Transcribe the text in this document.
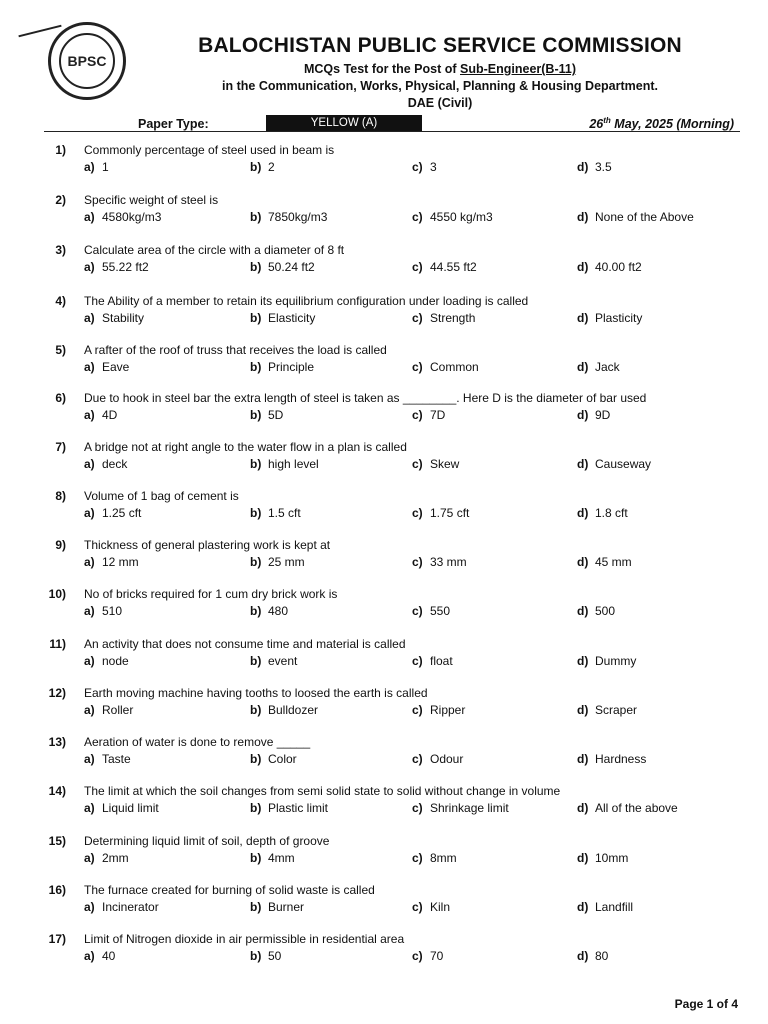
BPSC
BALOCHISTAN PUBLIC SERVICE COMMISSION
MCQs Test for the Post of Sub-Engineer(B-11)
in the Communication, Works, Physical, Planning & Housing Department.
DAE (Civil)
Paper Type:	YELLOW (A)	26th May, 2025 (Morning)
1) Commonly percentage of steel used in beam is
a) 1	b) 2	c) 3	d) 3.5
2) Specific weight of steel is
a) 4580kg/m3	b) 7850kg/m3	c) 4550 kg/m3	d) None of the Above
3) Calculate area of the circle with a diameter of 8 ft
a) 55.22 ft2	b) 50.24 ft2	c) 44.55 ft2	d) 40.00 ft2
4) The Ability of a member to retain its equilibrium configuration under loading is called
a) Stability	b) Elasticity	c) Strength	d) Plasticity
5) A rafter of the roof of truss that receives the load is called
a) Eave	b) Principle	c) Common	d) Jack
6) Due to hook in steel bar the extra length of steel is taken as ________. Here D is the diameter of bar used
a) 4D	b) 5D	c) 7D	d) 9D
7) A bridge not at right angle to the water flow in a plan is called
a) deck	b) high level	c) Skew	d) Causeway
8) Volume of 1 bag of cement is
a) 1.25 cft	b) 1.5 cft	c) 1.75 cft	d) 1.8 cft
9) Thickness of general plastering work is kept at
a) 12 mm	b) 25 mm	c) 33 mm	d) 45 mm
10) No of bricks required for 1 cum dry brick work is
a) 510	b) 480	c) 550	d) 500
11) An activity that does not consume time and material is called
a) node	b) event	c) float	d) Dummy
12) Earth moving machine having tooths to loosed the earth is called
a) Roller	b) Bulldozer	c) Ripper	d) Scraper
13) Aeration of water is done to remove _____
a) Taste	b) Color	c) Odour	d) Hardness
14) The limit at which the soil changes from semi solid state to solid without change in volume
a) Liquid limit	b) Plastic limit	c) Shrinkage limit	d) All of the above
15) Determining liquid limit of soil, depth of groove
a) 2mm	b) 4mm	c) 8mm	d) 10mm
16) The furnace created for burning of solid waste is called
a) Incinerator	b) Burner	c) Kiln	d) Landfill
17) Limit of Nitrogen dioxide in air permissible in residential area
a) 40	b) 50	c) 70	d) 80
Page 1 of 4
